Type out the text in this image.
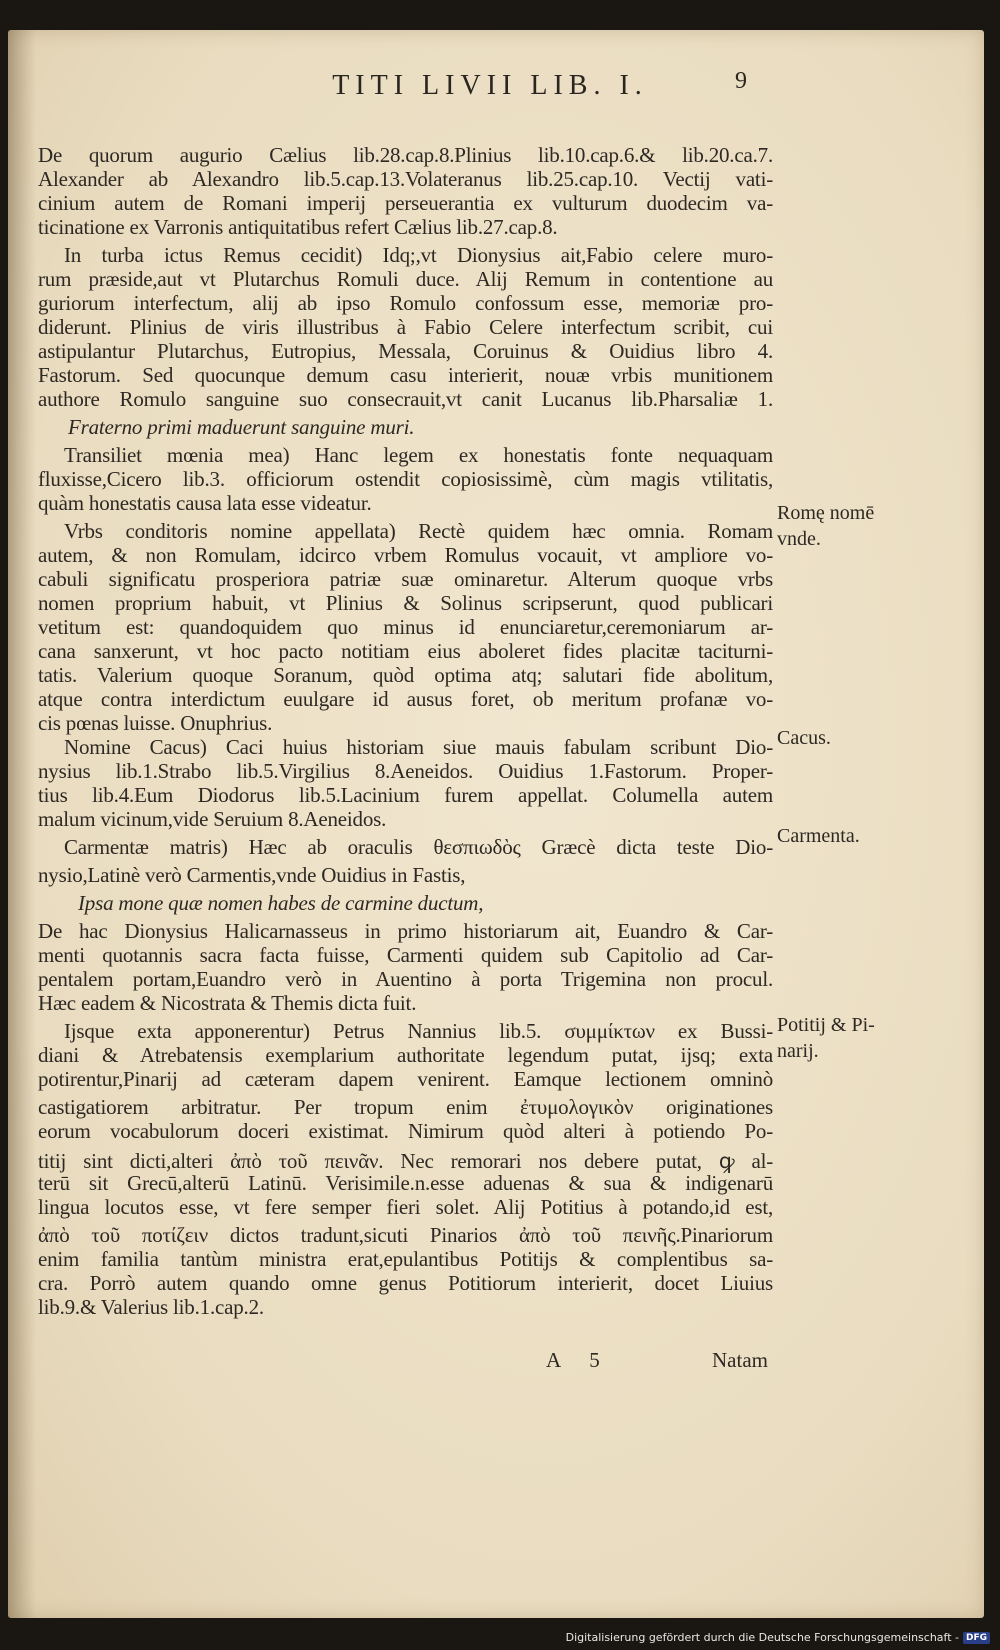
TITI LIVII LIB. I.	9
De quorum augurio Cælius lib.28.cap.8.Plinius lib.10.cap.6.& lib.20.ca.7.
Alexander ab Alexandro lib.5.cap.13.Volateranus lib.25.cap.10. Vectij vati-
cinium autem de Romani imperij perseuerantia ex vulturum duodecim va-
ticinatione ex Varronis antiquitatibus refert Cælius lib.27.cap.8.
In turba ictus Remus cecidit) Idq;,vt Dionysius ait,Fabio celere muro-
rum præside,aut vt Plutarchus Romuli duce. Alij Remum in contentione au
guriorum interfectum, alij ab ipso Romulo confossum esse, memoriæ pro-
diderunt. Plinius de viris illustribus à Fabio Celere interfectum scribit, cui
astipulantur Plutarchus, Eutropius, Messala, Coruinus & Ouidius libro 4.
Fastorum. Sed quocunque demum casu interierit, nouæ vrbis munitionem
authore Romulo sanguine suo consecrauit,vt canit Lucanus lib.Pharsaliæ 1.
Fraterno primi maduerunt sanguine muri.
Transiliet mœnia mea) Hanc legem ex honestatis fonte nequaquam
fluxisse,Cicero lib.3. officiorum ostendit copiosissimè, cùm magis vtilitatis,
quàm honestatis causa lata esse videatur.
Vrbs conditoris nomine appellata) Rectè quidem hæc omnia. Romam
autem, & non Romulam, idcirco vrbem Romulus vocauit, vt ampliore vo-
cabuli significatu prosperiora patriæ suæ ominaretur. Alterum quoque vrbs
nomen proprium habuit, vt Plinius & Solinus scripserunt, quod publicari
vetitum est: quandoquidem quo minus id enunciaretur,ceremoniarum ar-
cana sanxerunt, vt hoc pacto notitiam eius aboleret fides placitæ taciturni-
tatis. Valerium quoque Soranum, quòd optima atq; salutari fide abolitum,
atque contra interdictum euulgare id ausus foret, ob meritum profanæ vo-
cis pœnas luisse. Onuphrius.
Nomine Cacus) Caci huius historiam siue mauis fabulam scribunt Dio-
nysius lib.1.Strabo lib.5.Virgilius 8.Aeneidos. Ouidius 1.Fastorum. Proper-
tius lib.4.Eum Diodorus lib.5.Lacinium furem appellat. Columella autem
malum vicinum,vide Seruium 8.Aeneidos.
Carmentæ matris) Hæc ab oraculis θεσπιωδὸς Græcè dicta teste Dio-
nysio,Latinè verò Carmentis,vnde Ouidius in Fastis,
Ipsa mone quæ nomen habes de carmine ductum,
De hac Dionysius Halicarnasseus in primo historiarum ait, Euandro & Car-
menti quotannis sacra facta fuisse, Carmenti quidem sub Capitolio ad Car-
pentalem portam,Euandro verò in Auentino à porta Trigemina non procul.
Hæc eadem & Nicostrata & Themis dicta fuit.
Ijsque exta apponerentur) Petrus Nannius lib.5. συμμίκτων ex Bussi-
diani & Atrebatensis exemplarium authoritate legendum putat, ijsq; exta
potirentur,Pinarij ad cæteram dapem venirent. Eamque lectionem omninò
castigatiorem arbitratur. Per tropum enim ἐτυμολογικὸν originationes
eorum vocabulorum doceri existimat. Nimirum quòd alteri à potiendo Po-
titij sint dicti,alteri ἀπὸ τοῦ πεινᾶν. Nec remorari nos debere putat, ꝙ al-
terū sit Grecū,alterū Latinū. Verisimile.n.esse aduenas & sua & indigenarū
lingua locutos esse, vt fere semper fieri solet. Alij Potitius à potando,id est,
ἀπὸ τοῦ ποτίζειν dictos tradunt,sicuti Pinarios ἀπὸ τοῦ πεινῆς.Pinariorum
enim familia tantùm ministra erat,epulantibus Potitijs & complentibus sa-
cra. Porrò autem quando omne genus Potitiorum interierit, docet Liuius
lib.9.& Valerius lib.1.cap.2.
Romę nomē
vnde.
Cacus.
Carmenta.
Potitij & Pi-
narij.
A 5	Natam
Digitalisierung gefördert durch die Deutsche Forschungsgemeinschaft - DFG
